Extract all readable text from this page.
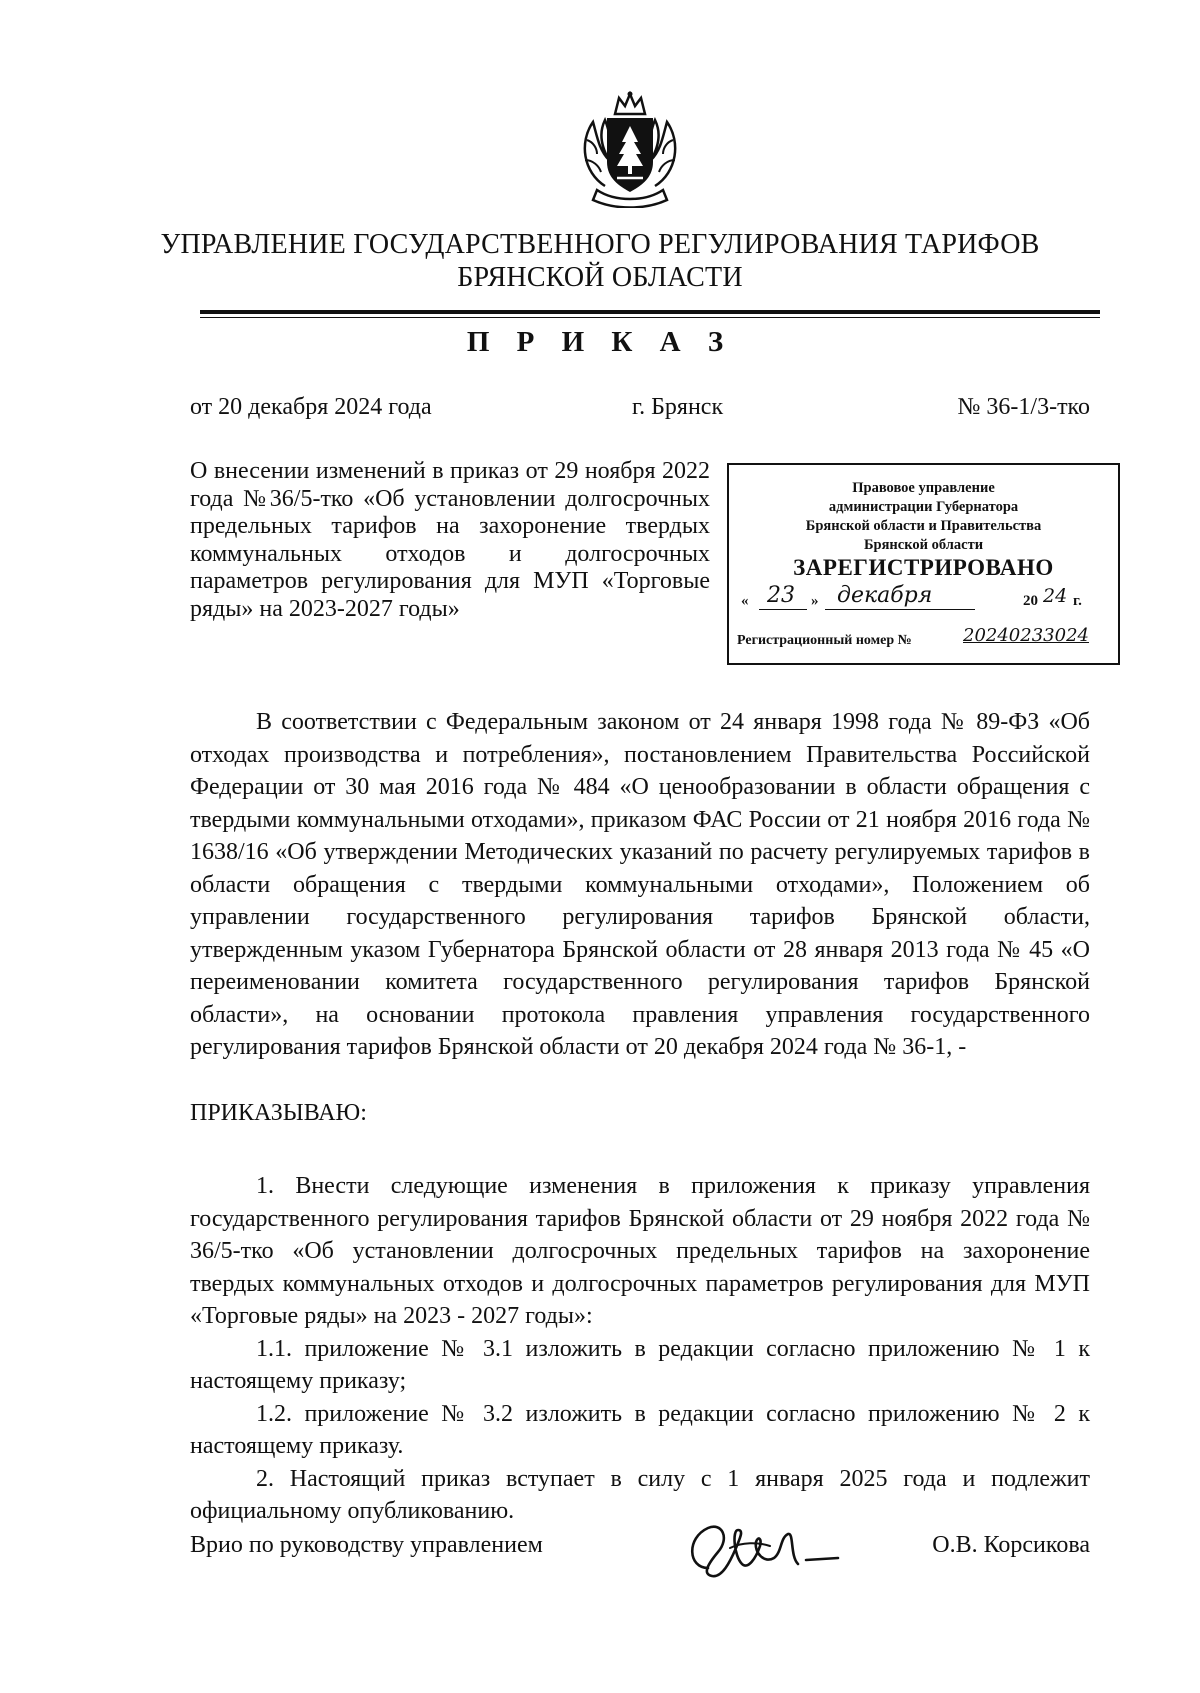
УПРАВЛЕНИЕ ГОСУДАРСТВЕННОГО РЕГУЛИРОВАНИЯ ТАРИФОВ
БРЯНСКОЙ ОБЛАСТИ
П Р И К А З
от 20 декабря 2024 года	г. Брянск	№ 36-1/3-тко
О внесении изменений в приказ от 29 ноября 2022 года №36/5-тко «Об установлении долгосрочных предельных тарифов на захоронение твердых коммунальных отходов и долгосрочных параметров регулирования для МУП «Торговые ряды» на 2023-2027 годы»
Правовое управление
администрации Губернатора
Брянской области и Правительства
Брянской области
ЗАРЕГИСТРИРОВАНО
« 23 » декабря	20 24 г.
Регистрационный номер №	20240233024
В соответствии с Федеральным законом от 24 января 1998 года № 89-ФЗ «Об отходах производства и потребления», постановлением Правительства Российской Федерации от 30 мая 2016 года № 484 «О ценообразовании в области обращения с твердыми коммунальными отходами», приказом ФАС России от 21 ноября 2016 года № 1638/16 «Об утверждении Методических указаний по расчету регулируемых тарифов в области обращения с твердыми коммунальными отходами», Положением об управлении государственного регулирования тарифов Брянской области, утвержденным указом Губернатора Брянской области от 28 января 2013 года № 45 «О переименовании комитета государственного регулирования тарифов Брянской области», на основании протокола правления управления государственного регулирования тарифов Брянской области от 20 декабря 2024 года № 36-1, -
ПРИКАЗЫВАЮ:

1. Внести следующие изменения в приложения к приказу управления государственного регулирования тарифов Брянской области от 29 ноября 2022 года № 36/5-тко «Об установлении долгосрочных предельных тарифов на захоронение твердых коммунальных отходов и долгосрочных параметров регулирования для МУП «Торговые ряды» на 2023 - 2027 годы»:

1.1. приложение № 3.1 изложить в редакции согласно приложению № 1 к настоящему приказу;

1.2. приложение № 3.2 изложить в редакции согласно приложению № 2 к настоящему приказу.

2. Настоящий приказ вступает в силу с 1 января 2025 года и подлежит официальному опубликованию.

Врио по руководству управлением	О.В. Корсикова
